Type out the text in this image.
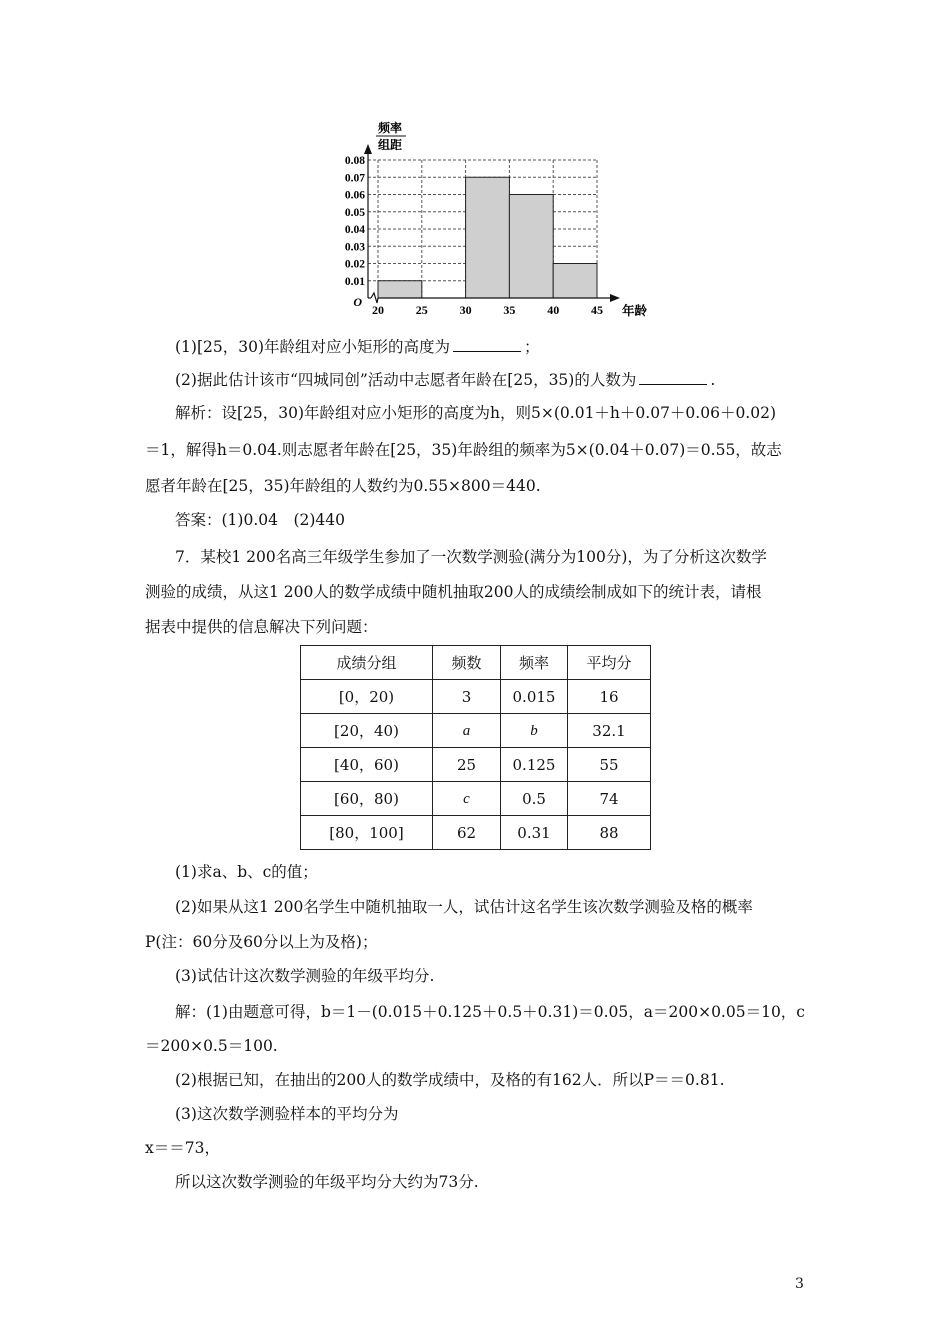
0.08
0.07
0.06
0.05
0.04
0.03
0.02
0.01
20	25	30	35	40	45 年龄
频率
组距
O
(1)[25，30)年龄组对应小矩形的高度为	；
(2)据此估计该市“四城同创”活动中志愿者年龄在[25，35)的人数为	.
解析：设[25，30)年龄组对应小矩形的高度为h，则5×(0.01＋h＋0.07＋0.06＋0.02)
＝1，解得h＝0.04.则志愿者年龄在[25，35)年龄组的频率为5×(0.04＋0.07)＝0.55，故志
愿者年龄在[25，35)年龄组的人数约为0.55×800＝440.
答案：(1)0.04　(2)440
7．某校1 200名高三年级学生参加了一次数学测验(满分为100分)，为了分析这次数学
测验的成绩，从这1 200人的数学成绩中随机抽取200人的成绩绘制成如下的统计表，请根
据表中提供的信息解决下列问题：
成绩分组	频数	频率	平均分
[0，20)	3	0.015	16
[20，40)	a	b	32.1
[40，60)	25	0.125	55
[60，80)	c	0.5	74
[80，100]	62	0.31	88
(1)求a、b、c的值；
(2)如果从这1 200名学生中随机抽取一人，试估计这名学生该次数学测验及格的概率
P(注：60分及60分以上为及格)；
(3)试估计这次数学测验的年级平均分.
解：(1)由题意可得，b＝1－(0.015＋0.125＋0.5＋0.31)＝0.05，a＝200×0.05＝10，c
＝200×0.5＝100.
(2)根据已知，在抽出的200人的数学成绩中，及格的有162人．所以P＝＝0.81.
(3)这次数学测验样本的平均分为
x＝＝73，
所以这次数学测验的年级平均分大约为73分.
3
